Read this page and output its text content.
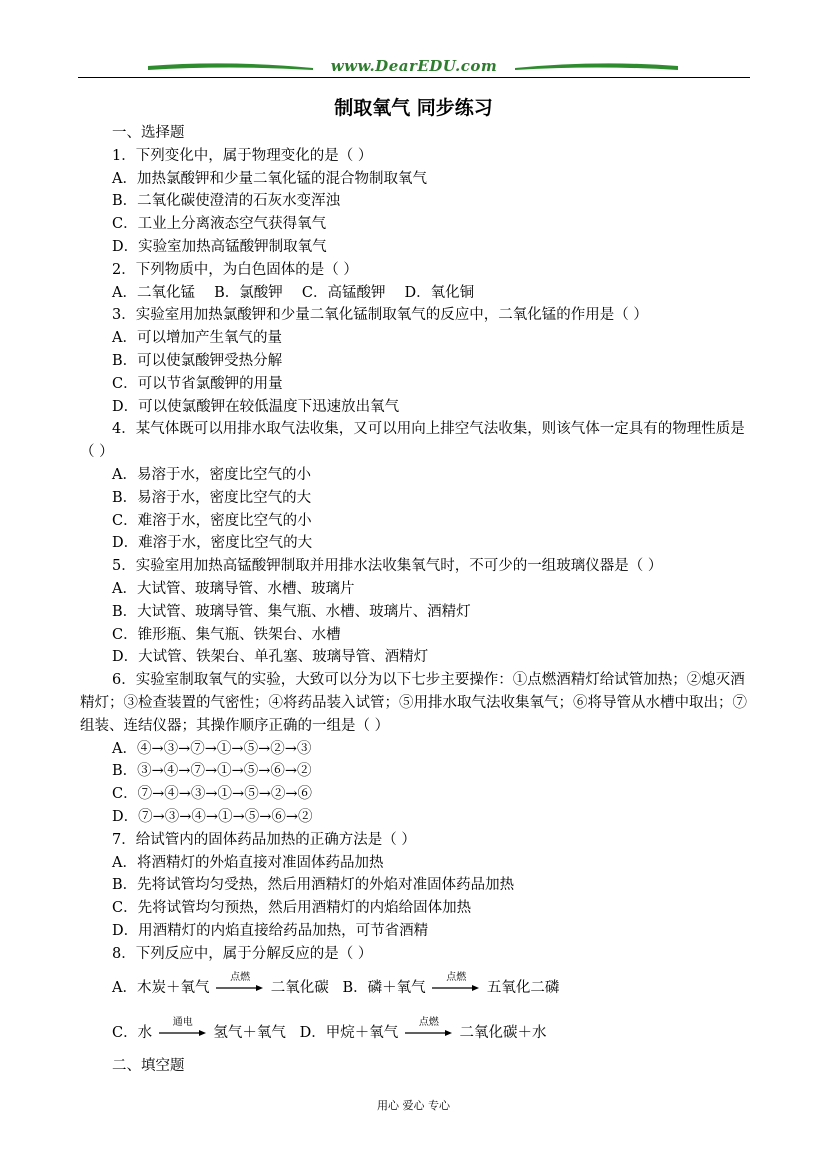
www.DearEDU.com
制取氧气 同步练习
一、选择题
1．下列变化中，属于物理变化的是（ ）
A．加热氯酸钾和少量二氧化锰的混合物制取氧气
B．二氧化碳使澄清的石灰水变浑浊
C．工业上分离液态空气获得氧气
D．实验室加热高锰酸钾制取氧气
2．下列物质中，为白色固体的是（ ）
A．二氧化锰　 B．氯酸钾　 C．高锰酸钾　 D．氧化铜
3．实验室用加热氯酸钾和少量二氧化锰制取氧气的反应中，二氧化锰的作用是（ ）
A．可以增加产生氧气的量
B．可以使氯酸钾受热分解
C．可以节省氯酸钾的用量
D．可以使氯酸钾在较低温度下迅速放出氧气
4．某气体既可以用排水取气法收集，又可以用向上排空气法收集，则该气体一定具有的物理性质是（ ）
A．易溶于水，密度比空气的小
B．易溶于水，密度比空气的大
C．难溶于水，密度比空气的小
D．难溶于水，密度比空气的大
5．实验室用加热高锰酸钾制取并用排水法收集氧气时，不可少的一组玻璃仪器是（ ）
A．大试管、玻璃导管、水槽、玻璃片
B．大试管、玻璃导管、集气瓶、水槽、玻璃片、酒精灯
C．锥形瓶、集气瓶、铁架台、水槽
D．大试管、铁架台、单孔塞、玻璃导管、酒精灯
6．实验室制取氧气的实验，大致可以分为以下七步主要操作：①点燃酒精灯给试管加热；②熄灭酒精灯；③检查装置的气密性；④将药品装入试管；⑤用排水取气法收集氧气；⑥将导管从水槽中取出；⑦组装、连结仪器；其操作顺序正确的一组是（ ）
A．④→③→⑦→①→⑤→②→③
B．③→④→⑦→①→⑤→⑥→②
C．⑦→④→③→①→⑤→②→⑥
D．⑦→③→④→①→⑤→⑥→②
7．给试管内的固体药品加热的正确方法是（ ）
A．将酒精灯的外焰直接对准固体药品加热
B．先将试管均匀受热，然后用酒精灯的外焰对准固体药品加热
C．先将试管均匀预热，然后用酒精灯的内焰给固体加热
D．用酒精灯的内焰直接给药品加热，可节省酒精
8．下列反应中，属于分解反应的是（ ）
A．木炭＋氧气
点燃
二氧化碳 B．磷＋氧气
点燃
五氧化二磷
C．水
通电
氢气＋氧气 D．甲烷＋氧气
点燃
二氧化碳＋水
二、填空题
用心 爱心 专心
